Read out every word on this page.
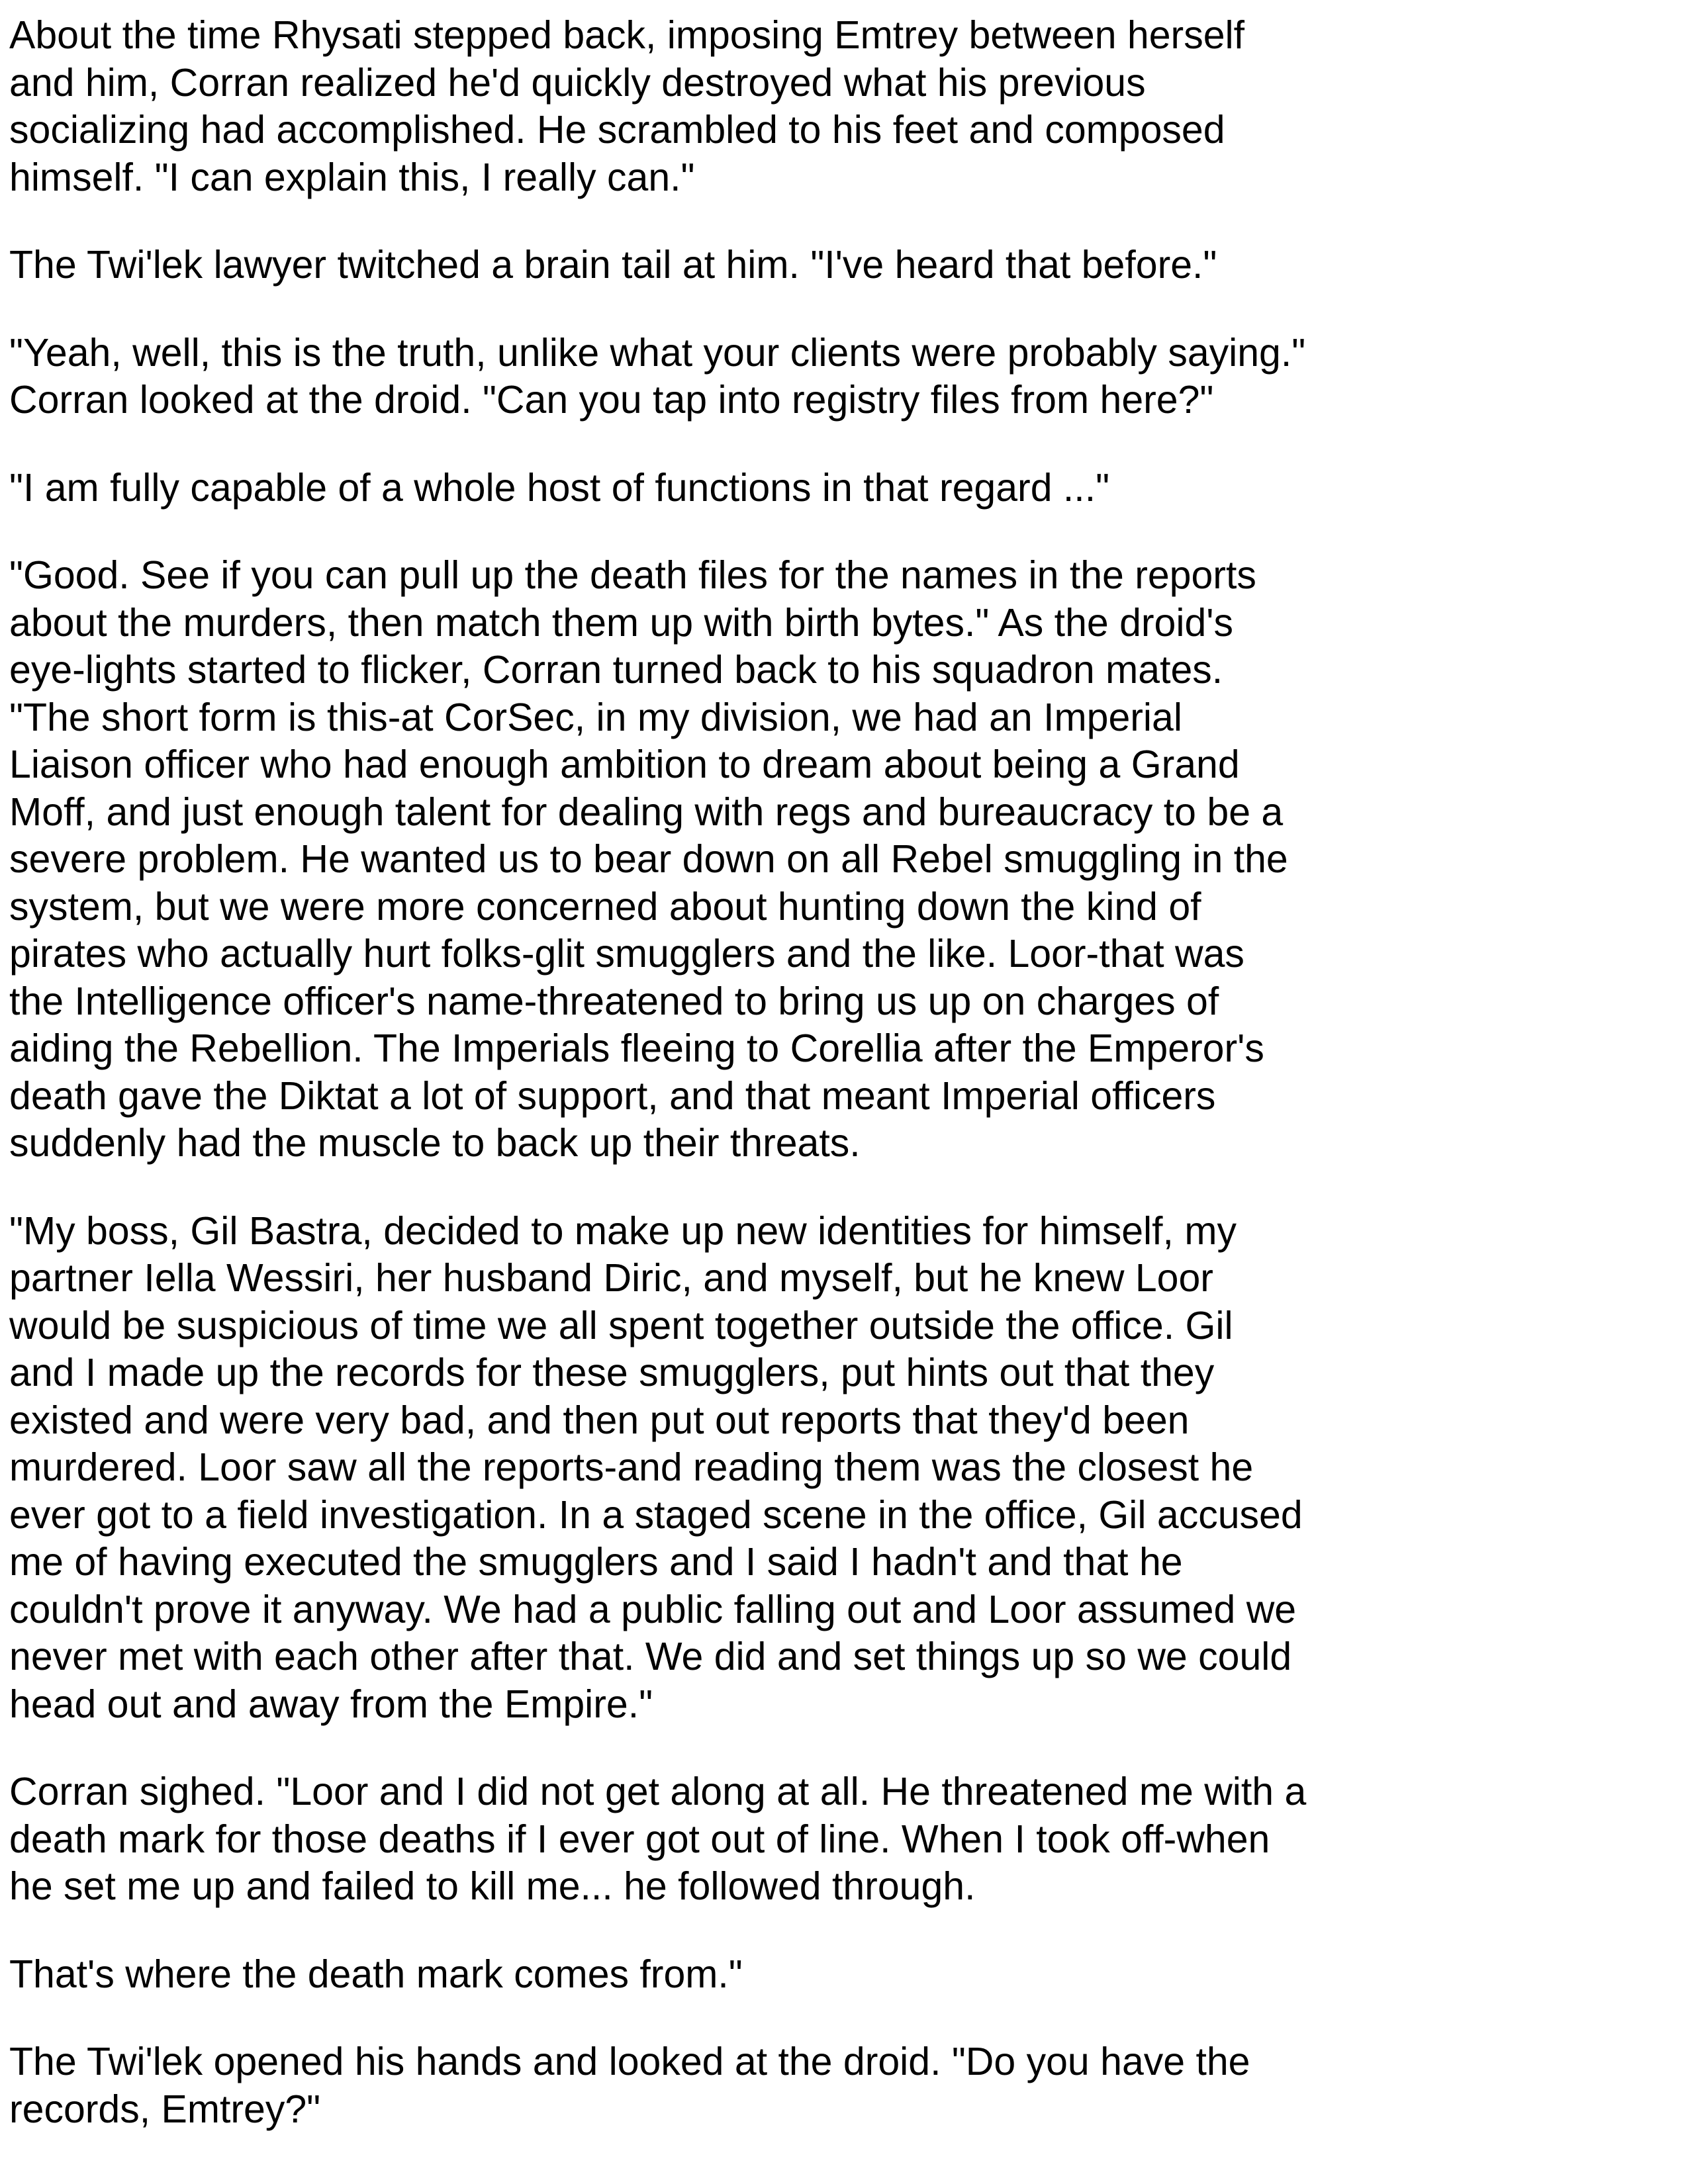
About the time Rhysati stepped back, imposing Emtrey between herself
and him, Corran realized he'd quickly destroyed what his previous
socializing had accomplished. He scrambled to his feet and composed
himself. "I can explain this, I really can."

The Twi'lek lawyer twitched a brain tail at him. "I've heard that before."

"Yeah, well, this is the truth, unlike what your clients were probably saying."
Corran looked at the droid. "Can you tap into registry files from here?"

"I am fully capable of a whole host of functions in that regard ..."

"Good. See if you can pull up the death files for the names in the reports
about the murders, then match them up with birth bytes." As the droid's
eye-lights started to flicker, Corran turned back to his squadron mates.
"The short form is this-at CorSec, in my division, we had an Imperial
Liaison officer who had enough ambition to dream about being a Grand
Moff, and just enough talent for dealing with regs and bureaucracy to be a
severe problem. He wanted us to bear down on all Rebel smuggling in the
system, but we were more concerned about hunting down the kind of
pirates who actually hurt folks-glit smugglers and the like. Loor-that was
the Intelligence officer's name-threatened to bring us up on charges of
aiding the Rebellion. The Imperials fleeing to Corellia after the Emperor's
death gave the Diktat a lot of support, and that meant Imperial officers
suddenly had the muscle to back up their threats.

"My boss, Gil Bastra, decided to make up new identities for himself, my
partner Iella Wessiri, her husband Diric, and myself, but he knew Loor
would be suspicious of time we all spent together outside the office. Gil
and I made up the records for these smugglers, put hints out that they
existed and were very bad, and then put out reports that they'd been
murdered. Loor saw all the reports-and reading them was the closest he
ever got to a field investigation. In a staged scene in the office, Gil accused
me of having executed the smugglers and I said I hadn't and that he
couldn't prove it anyway. We had a public falling out and Loor assumed we
never met with each other after that. We did and set things up so we could
head out and away from the Empire."

Corran sighed. "Loor and I did not get along at all. He threatened me with a
death mark for those deaths if I ever got out of line. When I took off-when
he set me up and failed to kill me... he followed through.

That's where the death mark comes from."

The Twi'lek opened his hands and looked at the droid. "Do you have the
records, Emtrey?"
